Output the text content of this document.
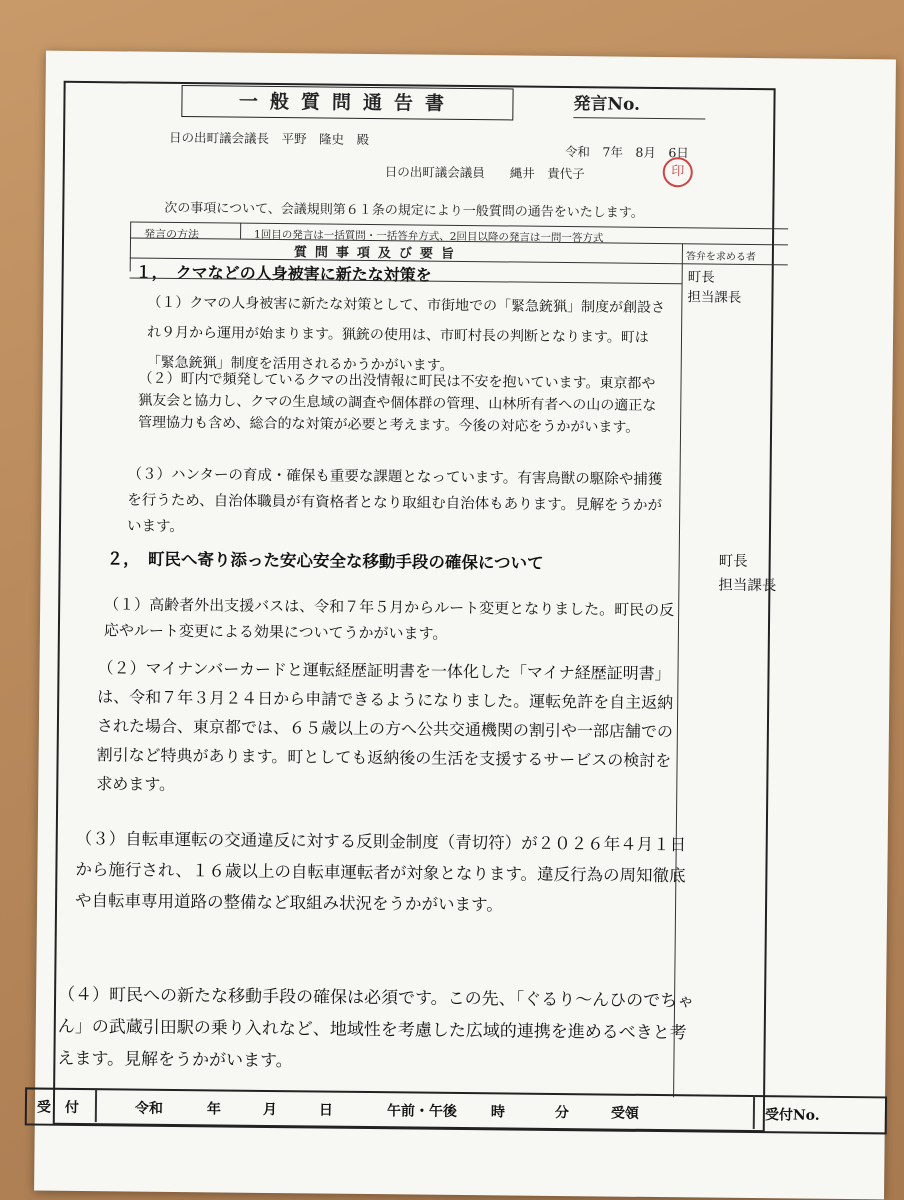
一般質問通告書	発言No.
日の出町議会議長　平野　隆史　殿
令和　7年　8月　6日
日の出町議会議員　　縄井　貴代子	印
次の事項について、会議規則第６１条の規定により一般質問の通告をいたします。
発言の方法	1回目の発言は一括質問・一括答弁方式、2回目以降の発言は一問一答方式
質問事項及び要旨	答弁を求める者
１，　クマなどの人身被害に新たな対策を	町長
担当課長
（１）クマの人身被害に新たな対策として、市街地での「緊急銃猟」制度が創設され９月から運用が始まります。猟銃の使用は、市町村長の判断となります。町は「緊急銃猟」制度を活用されるかうかがいます。
（２）町内で頻発しているクマの出没情報に町民は不安を抱いています。東京都や猟友会と協力し、クマの生息域の調査や個体群の管理、山林所有者への山の適正な管理協力も含め、総合的な対策が必要と考えます。今後の対応をうかがいます。
（３）ハンターの育成・確保も重要な課題となっています。有害鳥獣の駆除や捕獲を行うため、自治体職員が有資格者となり取組む自治体もあります。見解をうかがいます。
２，　町民へ寄り添った安心安全な移動手段の確保について	町長
担当課長
（１）高齢者外出支援バスは、令和７年５月からルート変更となりました。町民の反応やルート変更による効果についてうかがいます。
（２）マイナンバーカードと運転経歴証明書を一体化した「マイナ経歴証明書」は、令和７年３月２４日から申請できるようになりました。運転免許を自主返納された場合、東京都では、６５歳以上の方へ公共交通機関の割引や一部店舗での割引など特典があります。町としても返納後の生活を支援するサービスの検討を求めます。
（３）自転車運転の交通違反に対する反則金制度（青切符）が２０２６年４月１日から施行され、１６歳以上の自転車運転者が対象となります。違反行為の周知徹底や自転車専用道路の整備など取組み状況をうかがいます。
（４）町民への新たな移動手段の確保は必須です。この先、「ぐるり～んひのでちゃん」の武蔵引田駅の乗り入れなど、地域性を考慮した広域的連携を進めるべきと考えます。見解をうかがいます。
受　付	令和	年	月	日	午前・午後 時	分	受領	受付No.
